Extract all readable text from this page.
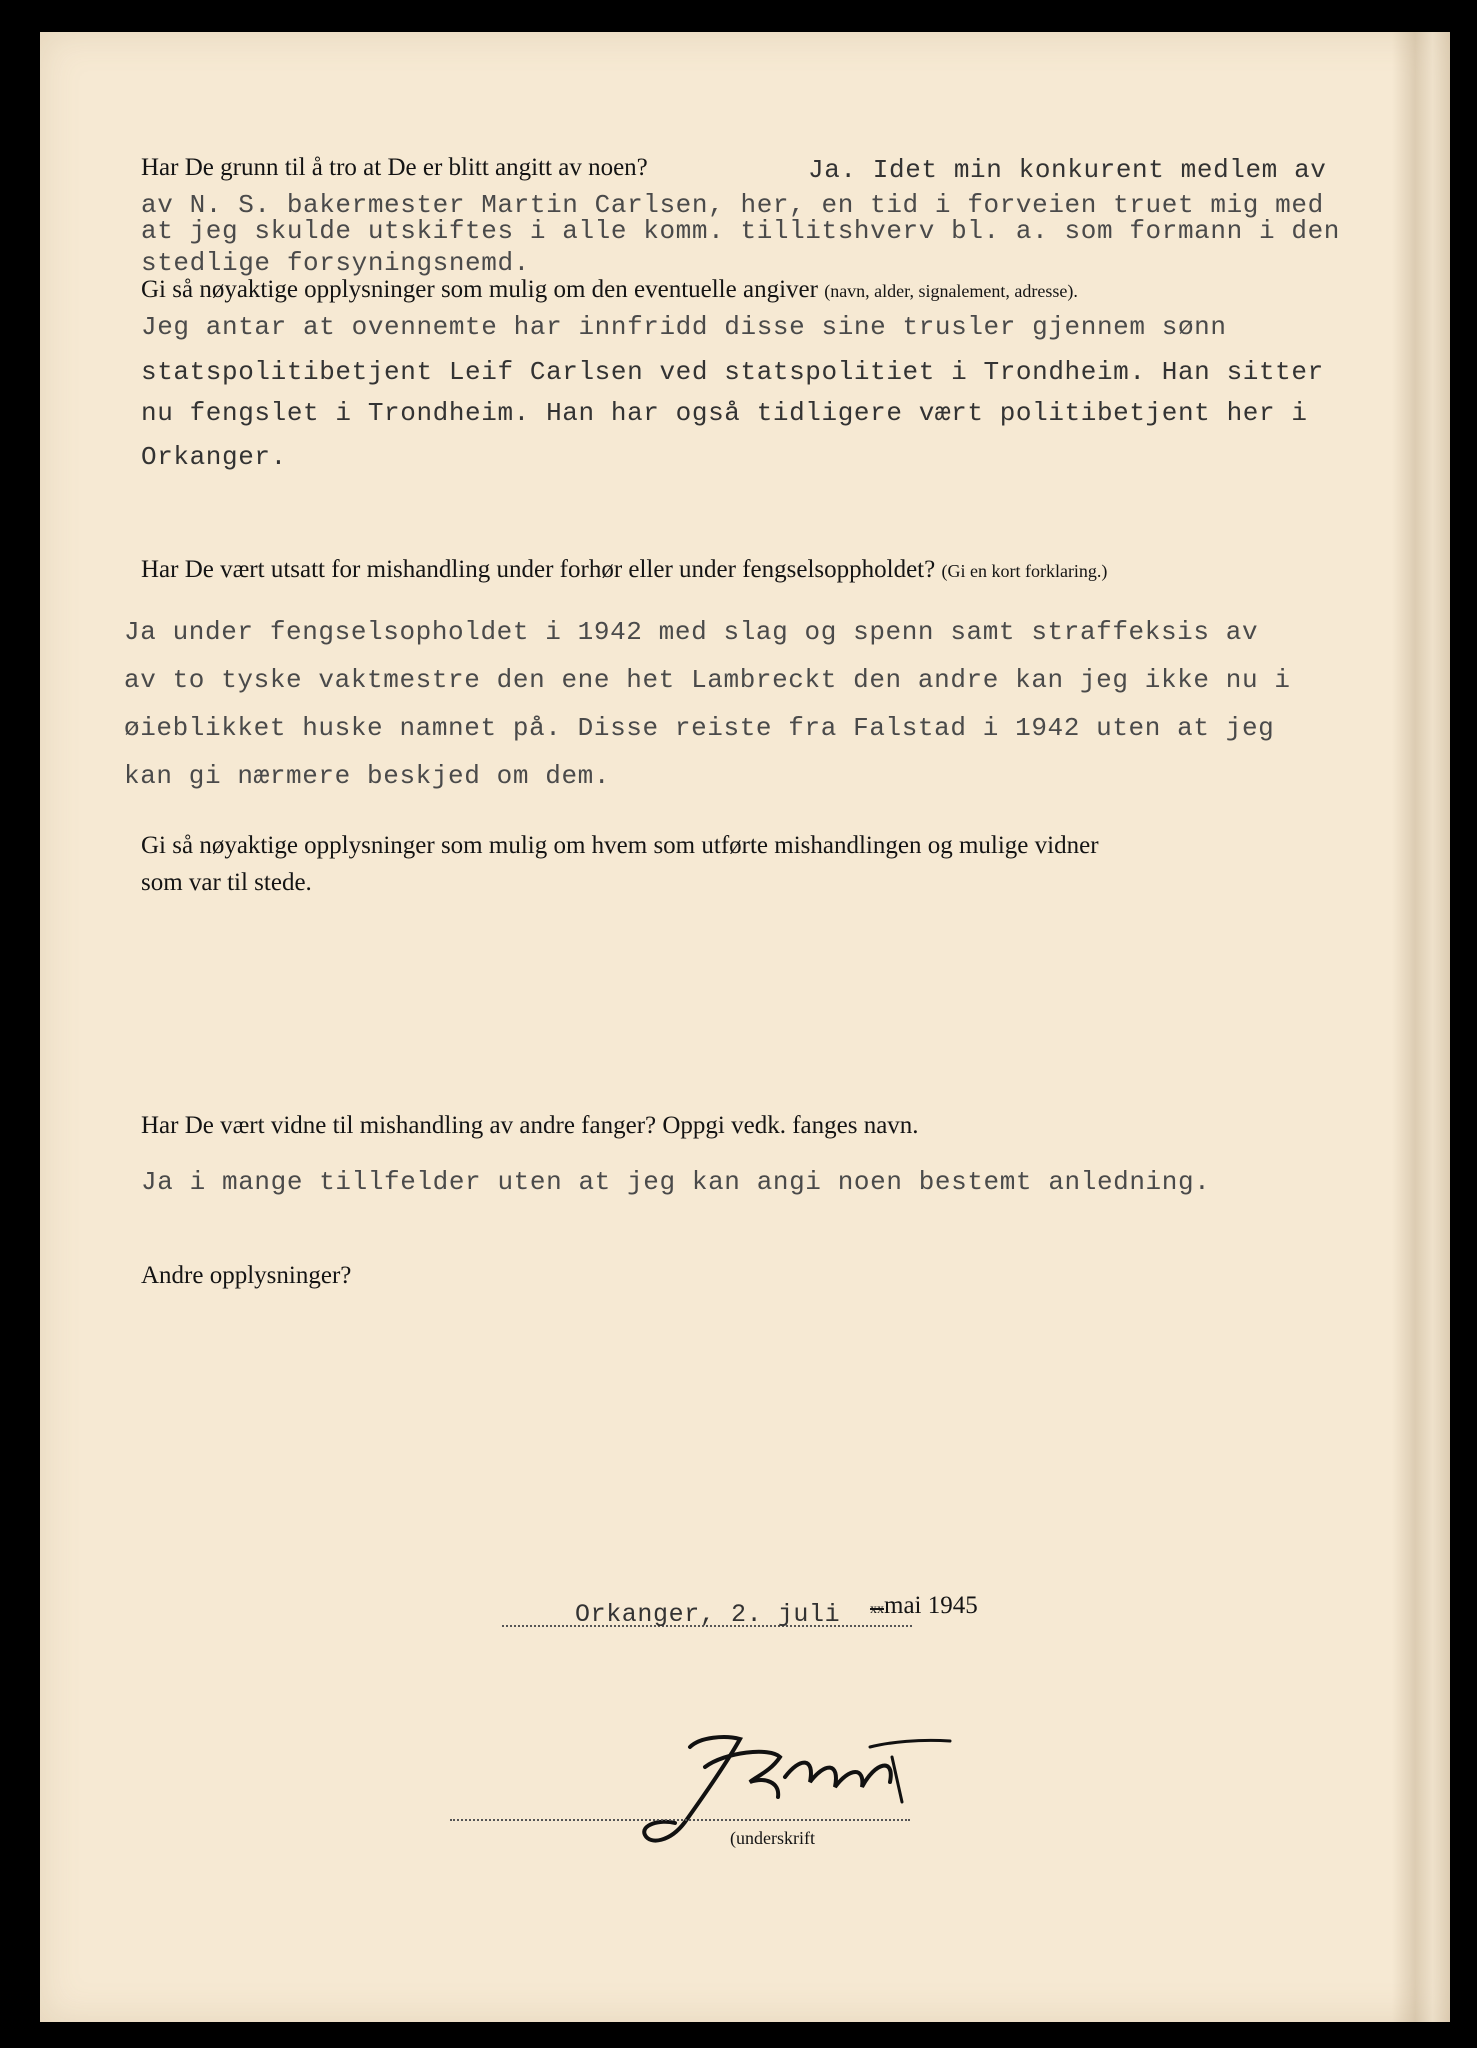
Har De grunn til å tro at De er blitt angitt av noen?	Ja. Idet min konkurent medlem av

av N. S. bakermester Martin Carlsen, her, en tid i forveien truet mig med

at jeg skulde utskiftes i alle komm. tillitshverv bl. a. som formann i den

stedlige forsyningsnemd.

Gi så nøyaktige opplysninger som mulig om den eventuelle angiver (navn, alder, signalement, adresse).

Jeg antar at ovennemte har innfridd disse sine trusler gjennem sønn

statspolitibetjent Leif Carlsen ved statspolitiet i Trondheim. Han sitter

nu fengslet i Trondheim. Han har også tidligere vært politibetjent her i

Orkanger.

Har De vært utsatt for mishandling under forhør eller under fengselsoppholdet? (Gi en kort forklaring.)

Ja under fengselsopholdet i 1942 med slag og spenn samt straffeksis av

av to tyske vaktmestre den ene het Lambreckt den andre kan jeg ikke nu i

øieblikket huske namnet på. Disse reiste fra Falstad i 1942 uten at jeg

kan gi nærmere beskjed om dem.

Gi så nøyaktige opplysninger som mulig om hvem som utførte mishandlingen og mulige vidner

som var til stede.

Har De vært vidne til mishandling av andre fanger? Oppgi vedk. fanges navn.

Ja i mange tillfelder uten at jeg kan angi noen bestemt anledning.

Andre opplysninger?

Orkanger, 2. juli xxmai 1945

(underskrift
